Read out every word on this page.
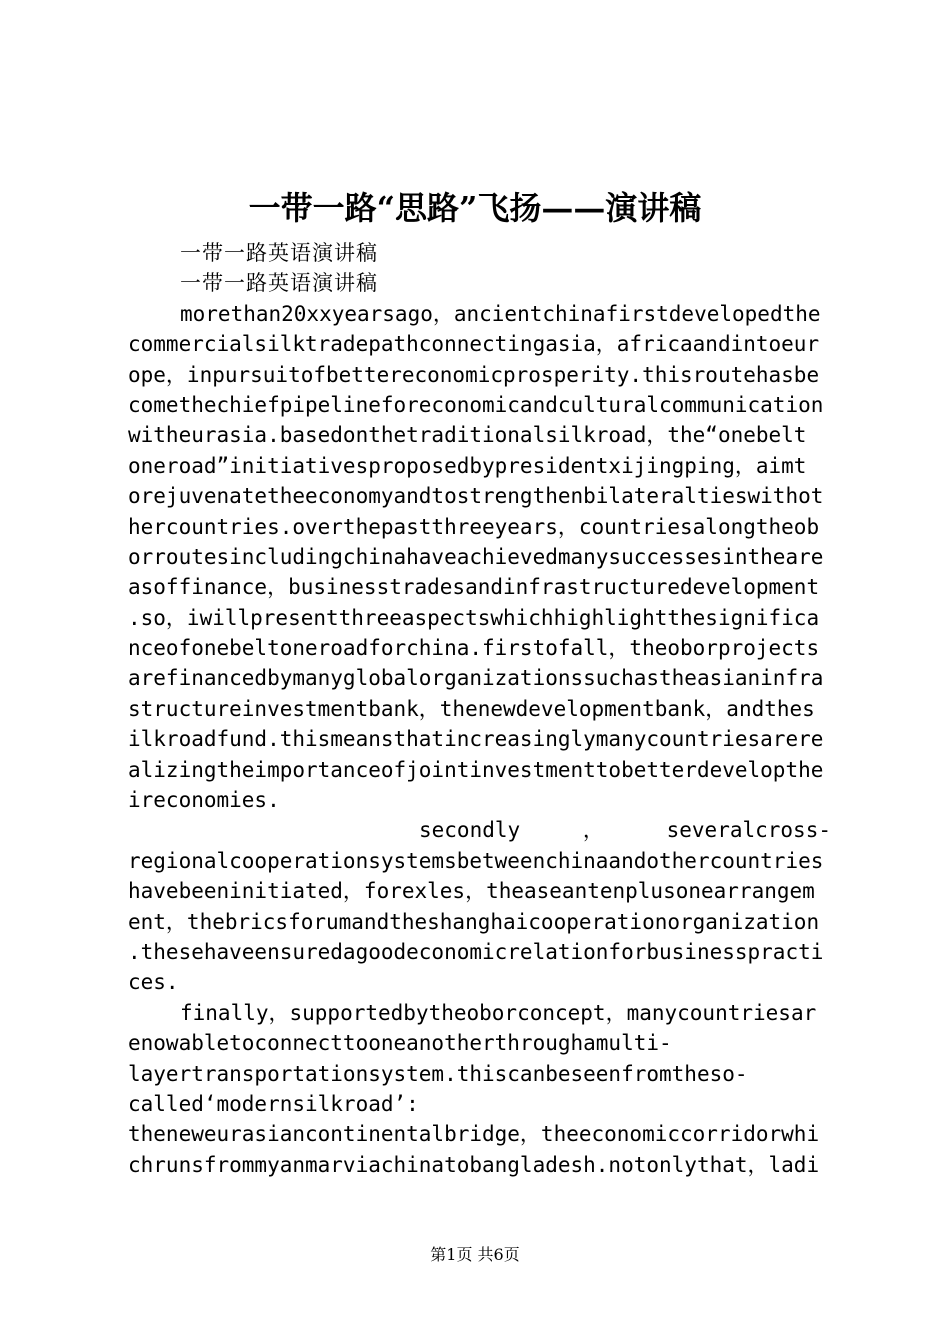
一带一路“思路”飞扬——演讲稿
一带一路英语演讲稿
一带一路英语演讲稿
morethan20xxyearsago，ancientchinafirstdevelopedthe
commercialsilktradepathconnectingasia，africaandintoeur
ope，inpursuitofbettereconomicprosperity.thisroutehasbe
comethechiefpipelineforeconomicandculturalcommunication
witheurasia.basedonthetraditionalsilkroad，the“onebelt
oneroad”initiativesproposedbypresidentxijingping，aimt
orejuvenatetheeconomyandtostrengthenbilateraltieswithot
hercountries.overthepastthreeyears，countriesalongtheob
orroutesincludingchinahaveachievedmanysuccessesintheare
asoffinance，businesstradesandinfrastructuredevelopment
.so，iwillpresentthreeaspectswhichhighlightthesignifica
nceofonebeltoneroadforchina.firstofall，theoborprojects
arefinancedbymanyglobalorganizationssuchastheasianinfra
structureinvestmentbank，thenewdevelopmentbank，andthes
ilkroadfund.thismeansthatincreasinglymanycountriesarere
alizingtheimportanceofjointinvestmenttobetterdevelopthe
ireconomies.
secondly，severalcross-
regionalcooperationsystemsbetweenchinaandothercountries
havebeeninitiated，forexles，theaseantenplusonearrangem
ent，thebricsforumandtheshanghaicooperationorganization
.thesehaveensuredagoodeconomicrelationforbusinesspracti
ces.
finally，supportedbytheoborconcept，manycountriesar
enowabletoconnecttooneanotherthroughamulti-
layertransportationsystem.thiscanbeseenfromtheso-
called‘modernsilkroad’:
theneweurasiancontinentalbridge，theeconomiccorridorwhi
chrunsfrommyanmarviachinatobangladesh.notonlythat，ladi
第1页 共6页
